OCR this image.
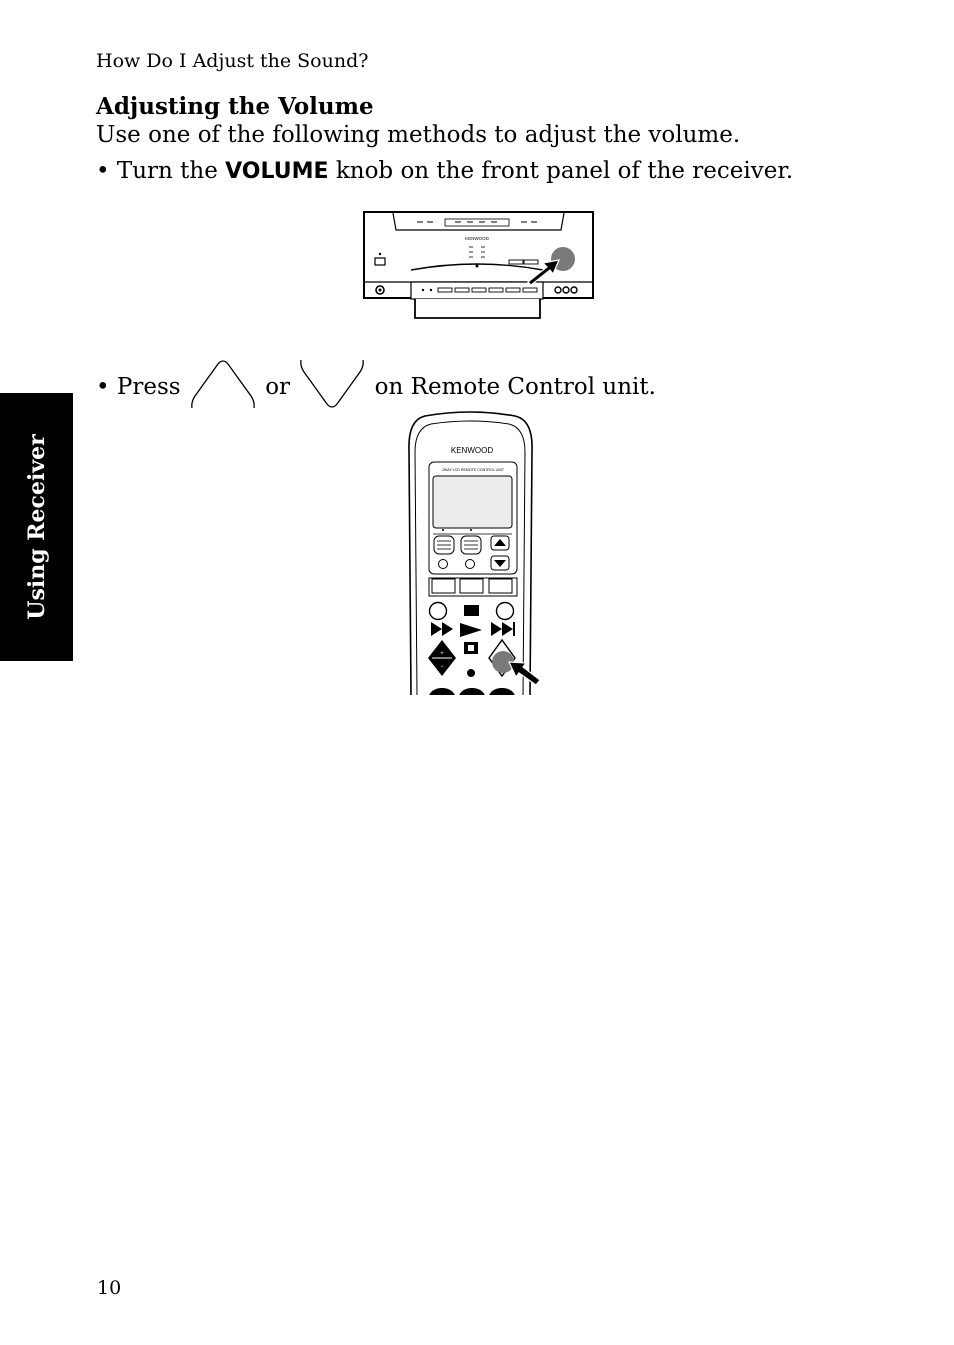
How Do I Adjust the Sound?
Adjusting the Volume
Use one of the following methods to adjust the volume.
• Turn the VOLUME knob on the front panel of the receiver.
KENWOOD
• Press	or	on Remote Control unit.
KENWOOD
2WAY LCD REMOTE CONTROL UNIT
+
−
Using Receiver
10
